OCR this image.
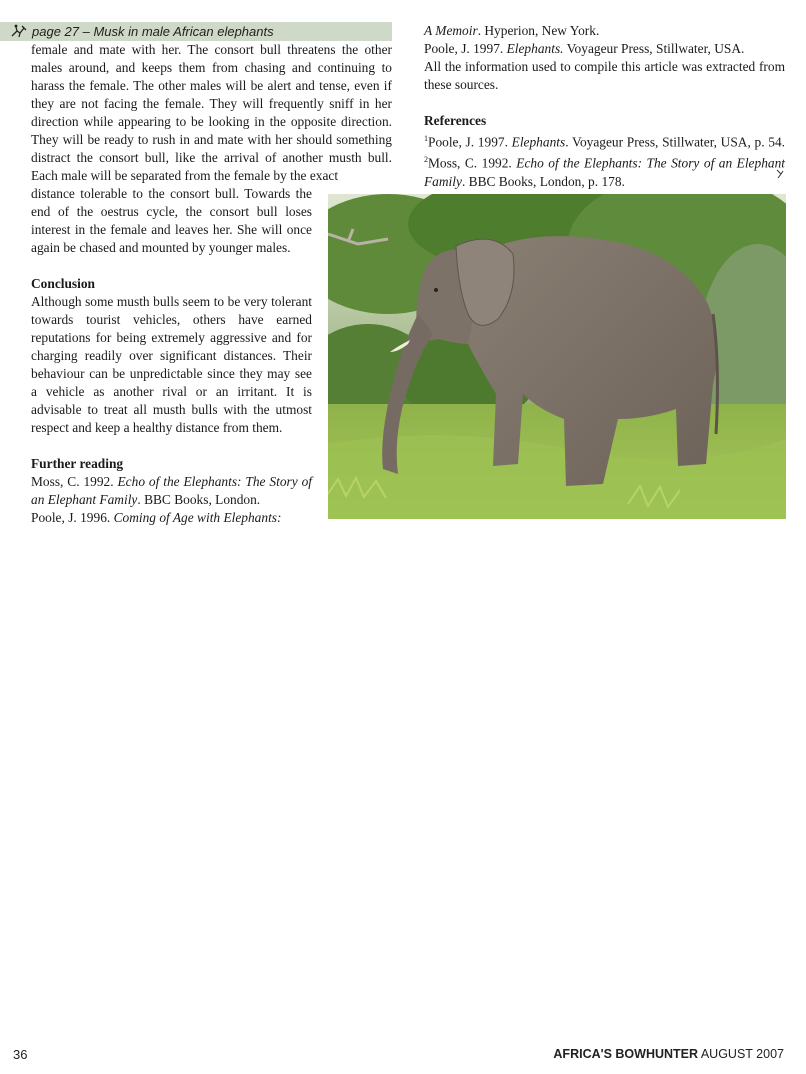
page 27 – Musk in male African elephants
female and mate with her. The consort bull threatens the other males around, and keeps them from chasing and continuing to harass the female. The other males will be alert and tense, even if they are not facing the female. They will frequently sniff in her direction while appearing to be looking in the opposite direction. They will be ready to rush in and mate with her should something distract the consort bull, like the arrival of another musth bull. Each male will be separated from the female by the exact
distance tolerable to the consort bull. Towards the end of the oestrus cycle, the consort bull loses interest in the female and leaves her. She will once again be chased and mounted by younger males.
Conclusion
Although some musth bulls seem to be very tolerant towards tourist vehicles, others have earned reputations for being extremely aggressive and for charging readily over significant distances. Their behaviour can be unpredictable since they may see a vehicle as another rival or an irritant. It is advisable to treat all musth bulls with the utmost respect and keep a healthy distance from them.
Further reading
Moss, C. 1992. Echo of the Elephants: The Story of an Elephant Family. BBC Books, London.
Poole, J. 1996. Coming of Age with Elephants:
A Memoir. Hyperion, New York.
Poole, J. 1997. Elephants. Voyageur Press, Stillwater, USA.
All the information used to compile this article was extracted from these sources.
References
$^1$Poole, J. 1997. Elephants. Voyageur Press, Stillwater, USA, p. 54. $^2$Moss, C. 1992. Echo of the Elephants: The Story of an Elephant Family. BBC Books, London, p. 178.
36	AFRICA'S BOWHUNTER AUGUST 2007
